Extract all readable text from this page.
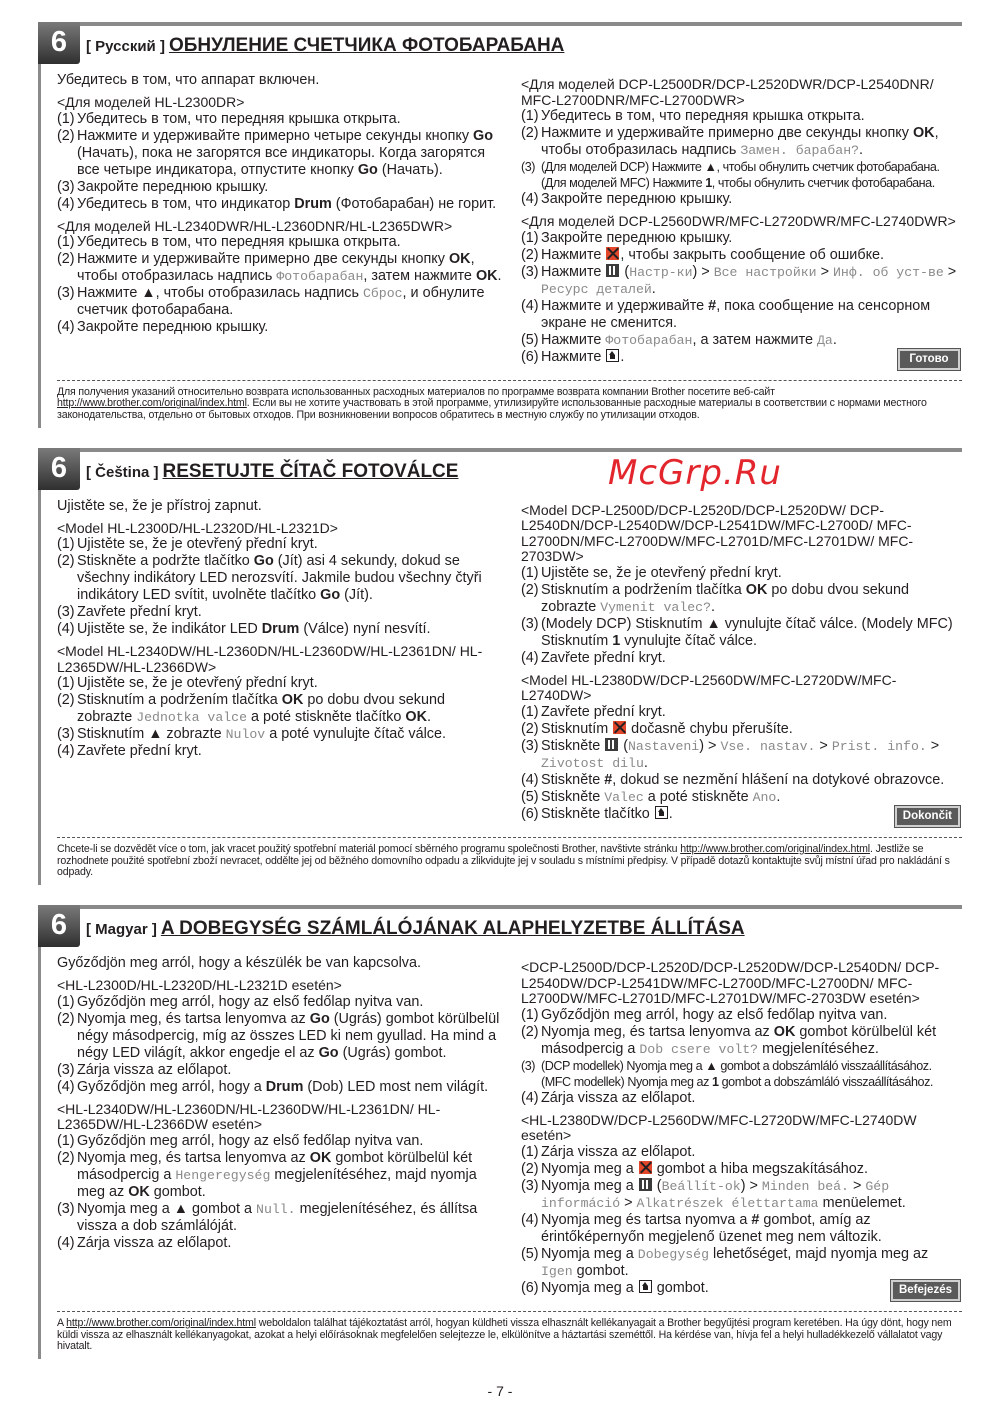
6	[ Русский ] ОБНУЛЕНИЕ СЧЕТЧИКА ФОТОБАРАБАНА
Убедитесь в том, что аппарат включен.
<Для моделей HL-L2300DR>
(1) Убедитесь в том, что передняя крышка открыта.
(2) Нажмите и удерживайте примерно четыре секунды кнопку Go (Начать), пока не загорятся все индикаторы. Когда загорятся все четыре индикатора, отпустите кнопку Go (Начать).
(3) Закройте переднюю крышку.
(4) Убедитесь в том, что индикатор Drum (Фотобарабан) не горит.
<Для моделей HL-L2340DWR/HL-L2360DNR/HL-L2365DWR>
(1) Убедитесь в том, что передняя крышка открыта.
(2) Нажмите и удерживайте примерно две секунды кнопку OK, чтобы отобразилась надпись Фотобарабан, затем нажмите OK.
(3) Нажмите ▲, чтобы отобразилась надпись Сброс, и обнулите счетчик фотобарабана.
(4) Закройте переднюю крышку.
<Для моделей DCP-L2500DR/DCP-L2520DWR/DCP-L2540DNR/ MFC-L2700DNR/MFC-L2700DWR>
(1) Убедитесь в том, что передняя крышка открыта.
(2) Нажмите и удерживайте примерно две секунды кнопку OK, чтобы отобразилась надпись Замен. барабан?.
(3) (Для моделей DCP) Нажмите ▲, чтобы обнулить счетчик фотобарабана. (Для моделей MFC) Нажмите 1, чтобы обнулить счетчик фотобарабана.
(4) Закройте переднюю крышку.
<Для моделей DCP-L2560DWR/MFC-L2720DWR/MFC-L2740DWR>
(1) Закройте переднюю крышку.
(2) Нажмите , чтобы закрыть сообщение об ошибке.
(3) Нажмите  (Настр-ки) > Все настройки > Инф. об уст-ве > Ресурс деталей.
(4) Нажмите и удерживайте #, пока сообщение на сенсорном экране не сменится.
(5) Нажмите Фотобарабан, а затем нажмите Да.
(6) Нажмите .	Готово
Для получения указаний относительно возврата использованных расходных материалов по программе возврата компании Brother посетите веб-сайт http://www.brother.com/original/index.html. Если вы не хотите участвовать в этой программе, утилизируйте использованные расходные материалы в соответствии с нормами местного законодательства, отдельно от бытовых отходов. При возникновении вопросов обратитесь в местную службу по утилизации отходов.
6	[ Čeština ] RESETUJTE ČÍTAČ FOTOVÁLCE
Ujistěte se, že je přístroj zapnut.
<Model HL-L2300D/HL-L2320D/HL-L2321D>
(1) Ujistěte se, že je otevřený přední kryt.
(2) Stiskněte a podržte tlačítko Go (Jít) asi 4 sekundy, dokud se všechny indikátory LED nerozsvítí. Jakmile budou všechny čtyři indikátory LED svítit, uvolněte tlačítko Go (Jít).
(3) Zavřete přední kryt.
(4) Ujistěte se, že indikátor LED Drum (Válce) nyní nesvítí.
<Model HL-L2340DW/HL-L2360DN/HL-L2360DW/HL-L2361DN/ HL-L2365DW/HL-L2366DW>
(1) Ujistěte se, že je otevřený přední kryt.
(2) Stisknutím a podržením tlačítka OK po dobu dvou sekund zobrazte Jednotka valce a poté stiskněte tlačítko OK.
(3) Stisknutím ▲ zobrazte Nulov a poté vynulujte čítač válce.
(4) Zavřete přední kryt.
<Model DCP-L2500D/DCP-L2520D/DCP-L2520DW/ DCP-L2540DN/DCP-L2540DW/DCP-L2541DW/MFC-L2700D/ MFC-L2700DN/MFC-L2700DW/MFC-L2701D/MFC-L2701DW/ MFC-2703DW>
(1) Ujistěte se, že je otevřený přední kryt.
(2) Stisknutím a podržením tlačítka OK po dobu dvou sekund zobrazte Vymenit valec?.
(3) (Modely DCP) Stisknutím ▲ vynulujte čítač válce. (Modely MFC) Stisknutím 1 vynulujte čítač válce.
(4) Zavřete přední kryt.
<Model HL-L2380DW/DCP-L2560DW/MFC-L2720DW/MFC-L2740DW>
(1) Zavřete přední kryt.
(2) Stisknutím  dočasně chybu přerušíte.
(3) Stiskněte  (Nastaveni) > Vse. nastav. > Prist. info. > Zivotost dilu.
(4) Stiskněte #, dokud se nezmění hlášení na dotykové obrazovce.
(5) Stiskněte Valec a poté stiskněte Ano.
(6) Stiskněte tlačítko .	Dokončit
Chcete-li se dozvědět více o tom, jak vracet použitý spotřební materiál pomocí sběrného programu společnosti Brother, navštivte stránku http://www.brother.com/original/index.html. Jestliže se rozhodnete použité spotřební zboží nevracet, oddělte jej od běžného domovního odpadu a zlikvidujte jej v souladu s místními předpisy. V případě dotazů kontaktujte svůj místní úřad pro nakládání s odpady.
McGrp.Ru
6	[ Magyar ] A DOBEGYSÉG SZÁMLÁLÓJÁNAK ALAPHELYZETBE ÁLLÍTÁSA
Győződjön meg arról, hogy a készülék be van kapcsolva.
<HL-L2300D/HL-L2320D/HL-L2321D esetén>
(1) Győződjön meg arról, hogy az első fedőlap nyitva van.
(2) Nyomja meg, és tartsa lenyomva az Go (Ugrás) gombot körülbelül négy másodpercig, míg az összes LED ki nem gyullad. Ha mind a négy LED világít, akkor engedje el az Go (Ugrás) gombot.
(3) Zárja vissza az előlapot.
(4) Győződjön meg arról, hogy a Drum (Dob) LED most nem világít.
<HL-L2340DW/HL-L2360DN/HL-L2360DW/HL-L2361DN/ HL-L2365DW/HL-L2366DW esetén>
(1) Győződjön meg arról, hogy az első fedőlap nyitva van.
(2) Nyomja meg, és tartsa lenyomva az OK gombot körülbelül két másodpercig a Hengeregység megjelenítéséhez, majd nyomja meg az OK gombot.
(3) Nyomja meg a ▲ gombot a Null. megjelenítéséhez, és állítsa vissza a dob számlálóját.
(4) Zárja vissza az előlapot.
<DCP-L2500D/DCP-L2520D/DCP-L2520DW/DCP-L2540DN/ DCP-L2540DW/DCP-L2541DW/MFC-L2700D/MFC-L2700DN/ MFC-L2700DW/MFC-L2701D/MFC-L2701DW/MFC-2703DW esetén>
(1) Győződjön meg arról, hogy az első fedőlap nyitva van.
(2) Nyomja meg, és tartsa lenyomva az OK gombot körülbelül két másodpercig a Dob csere volt? megjelenítéséhez.
(3) (DCP modellek) Nyomja meg a ▲ gombot a dobszámláló visszaállításához. (MFC modellek) Nyomja meg az 1 gombot a dobszámláló visszaállításához.
(4) Zárja vissza az előlapot.
<HL-L2380DW/DCP-L2560DW/MFC-L2720DW/MFC-L2740DW esetén>
(1) Zárja vissza az előlapot.
(2) Nyomja meg a  gombot a hiba megszakításához.
(3) Nyomja meg a  (Beállít-ok) > Minden beá. > Gép információ > Alkatrészek élettartama menüelemet.
(4) Nyomja meg és tartsa nyomva a # gombot, amíg az érintőképernyőn megjelenő üzenet meg nem változik.
(5) Nyomja meg a Dobegység lehetőséget, majd nyomja meg az Igen gombot.
(6) Nyomja meg a  gombot.	Befejezés
A http://www.brother.com/original/index.html weboldalon találhat tájékoztatást arról, hogyan küldheti vissza elhasznált kellékanyagait a Brother begyűjtési program keretében. Ha úgy dönt, hogy nem küldi vissza az elhasznált kellékanyagokat, azokat a helyi előírásoknak megfelelően selejtezze le, elkülönítve a háztartási szeméttől. Ha kérdése van, hívja fel a helyi hulladékkezelő vállalatot vagy hivatalt.
- 7 -
